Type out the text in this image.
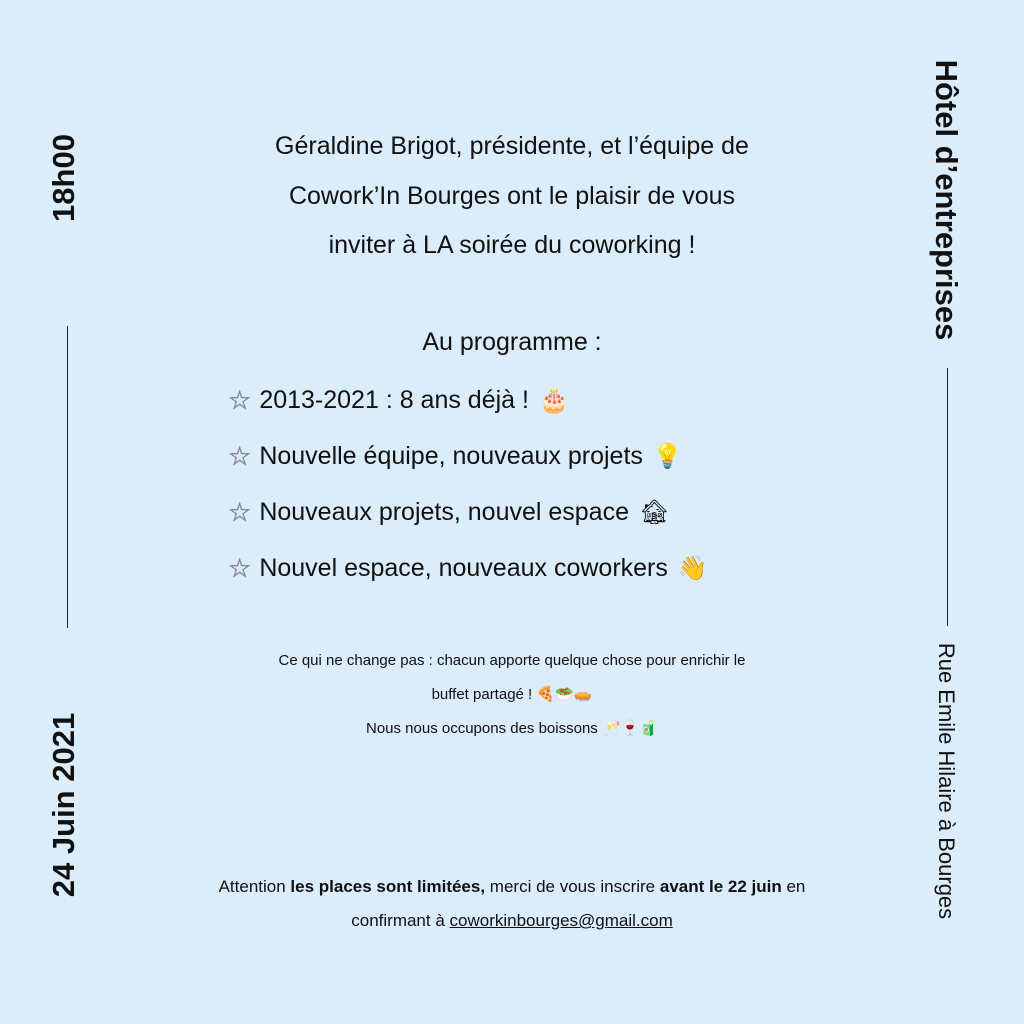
18h00
24 Juin 2021
Hôtel d’entreprises
Rue Emile Hilaire à Bourges
Géraldine Brigot, présidente, et l’équipe de
Cowork’In Bourges ont le plaisir de vous
inviter à LA soirée du coworking !
Au programme :
☆ 2013-2021 : 8 ans déjà ! 🎂
☆ Nouvelle équipe, nouveaux projets 💡
☆ Nouveaux projets, nouvel espace 🏚
☆ Nouvel espace, nouveaux coworkers 👋
Ce qui ne change pas : chacun apporte quelque chose pour enrichir le
buffet partagé ! 🍕🥗🥧
Nous nous occupons des boissons 🥂🍷🧃
Attention les places sont limitées, merci de vous inscrire avant le 22 juin en
confirmant à coworkinbourges@gmail.com
